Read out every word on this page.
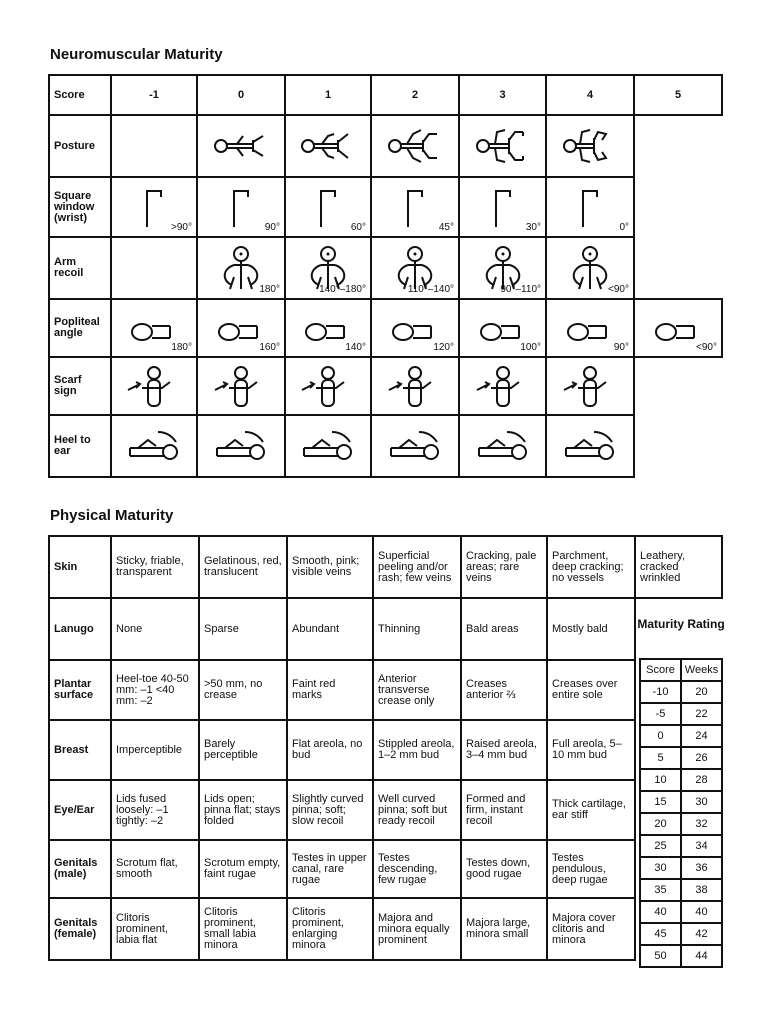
Neuromuscular Maturity
Score	-1	0	1	2	3	4	5
Posture		

Square window (wrist)	>90°	90°	60°	45°	30°	0°	

Arm recoil		180°	140°–180°	110°–140°	90°–110°	<90°	

Popliteal angle	180°	160°	140°	120°	100°	90°	<90°

Scarf sign	

Heel to ear	

Physical Maturity
Skin	Sticky, friable, transparent	Gelatinous, red, translucent	Smooth, pink; visible veins	Superficial peeling and/or rash; few veins	Cracking, pale areas; rare veins	Parchment, deep cracking; no vessels	Leathery, cracked wrinkled
Lanugo	None	Sparse	Abundant	Thinning	Bald areas	Mostly bald	
Plantar surface	Heel-toe 40-50 mm: –1 <40 mm: –2	>50 mm, no crease	Faint red marks	Anterior transverse crease only	Creases anterior ⅔	Creases over entire sole	
Breast	Imperceptible	Barely perceptible	Flat areola, no bud	Stippled areola, 1–2 mm bud	Raised areola, 3–4 mm bud	Full areola, 5–10 mm bud	
Eye/Ear	Lids fused loosely: –1 tightly: –2	Lids open; pinna flat; stays folded	Slightly curved pinna; soft; slow recoil	Well curved pinna; soft but ready recoil	Formed and firm, instant recoil	Thick cartilage, ear stiff	
Genitals (male)	Scrotum flat, smooth	Scrotum empty, faint rugae	Testes in upper canal, rare rugae	Testes descending, few rugae	Testes down, good rugae	Testes pendulous, deep rugae	
Genitals (female)	Clitoris prominent, labia flat	Clitoris prominent, small labia minora	Clitoris prominent, enlarging minora	Majora and minora equally prominent	Majora large, minora small	Majora cover clitoris and minora	
Maturity Rating
Score	Weeks
-10	20
-5	22
0	24
5	26
10	28
15	30
20	32
25	34
30	36
35	38
40	40
45	42
50	44
